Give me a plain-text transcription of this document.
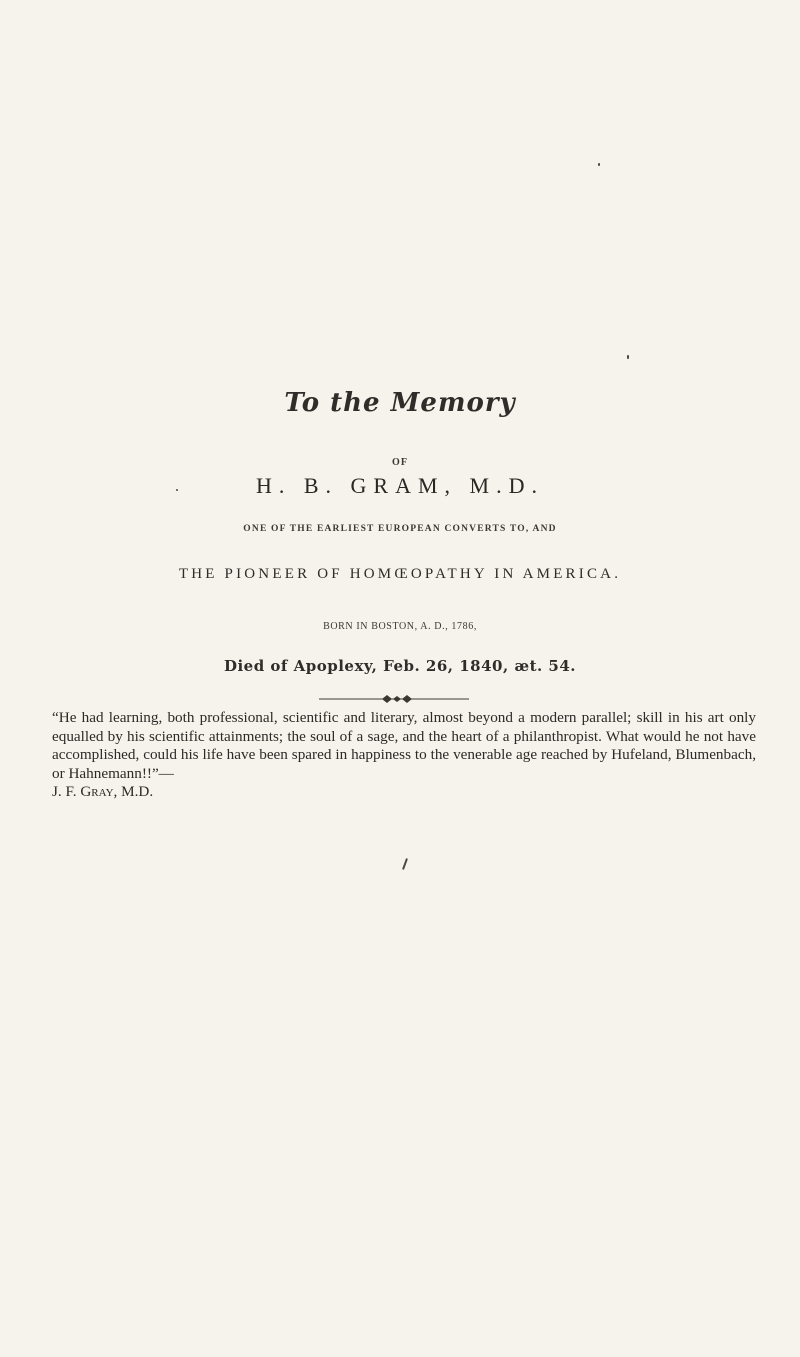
To the Memory
OF
H. B. GRAM, M.D.
ONE OF THE EARLIEST EUROPEAN CONVERTS TO, AND
THE PIONEER OF HOMŒOPATHY IN AMERICA.
BORN IN BOSTON, A. D., 1786,
Died of Apoplexy, Feb. 26, 1840, æt. 54.
“He had learning, both professional, scientific and literary, almost beyond a modern parallel; skill in his art only equalled by his scientific attainments; the soul of a sage, and the heart of a philanthropist. What would he not have accomplished, could his life have been spared in happiness to the venerable age reached by Hufeland, Blumenbach, or Hahnemann!!”—
J. F. Gray, M.D.
